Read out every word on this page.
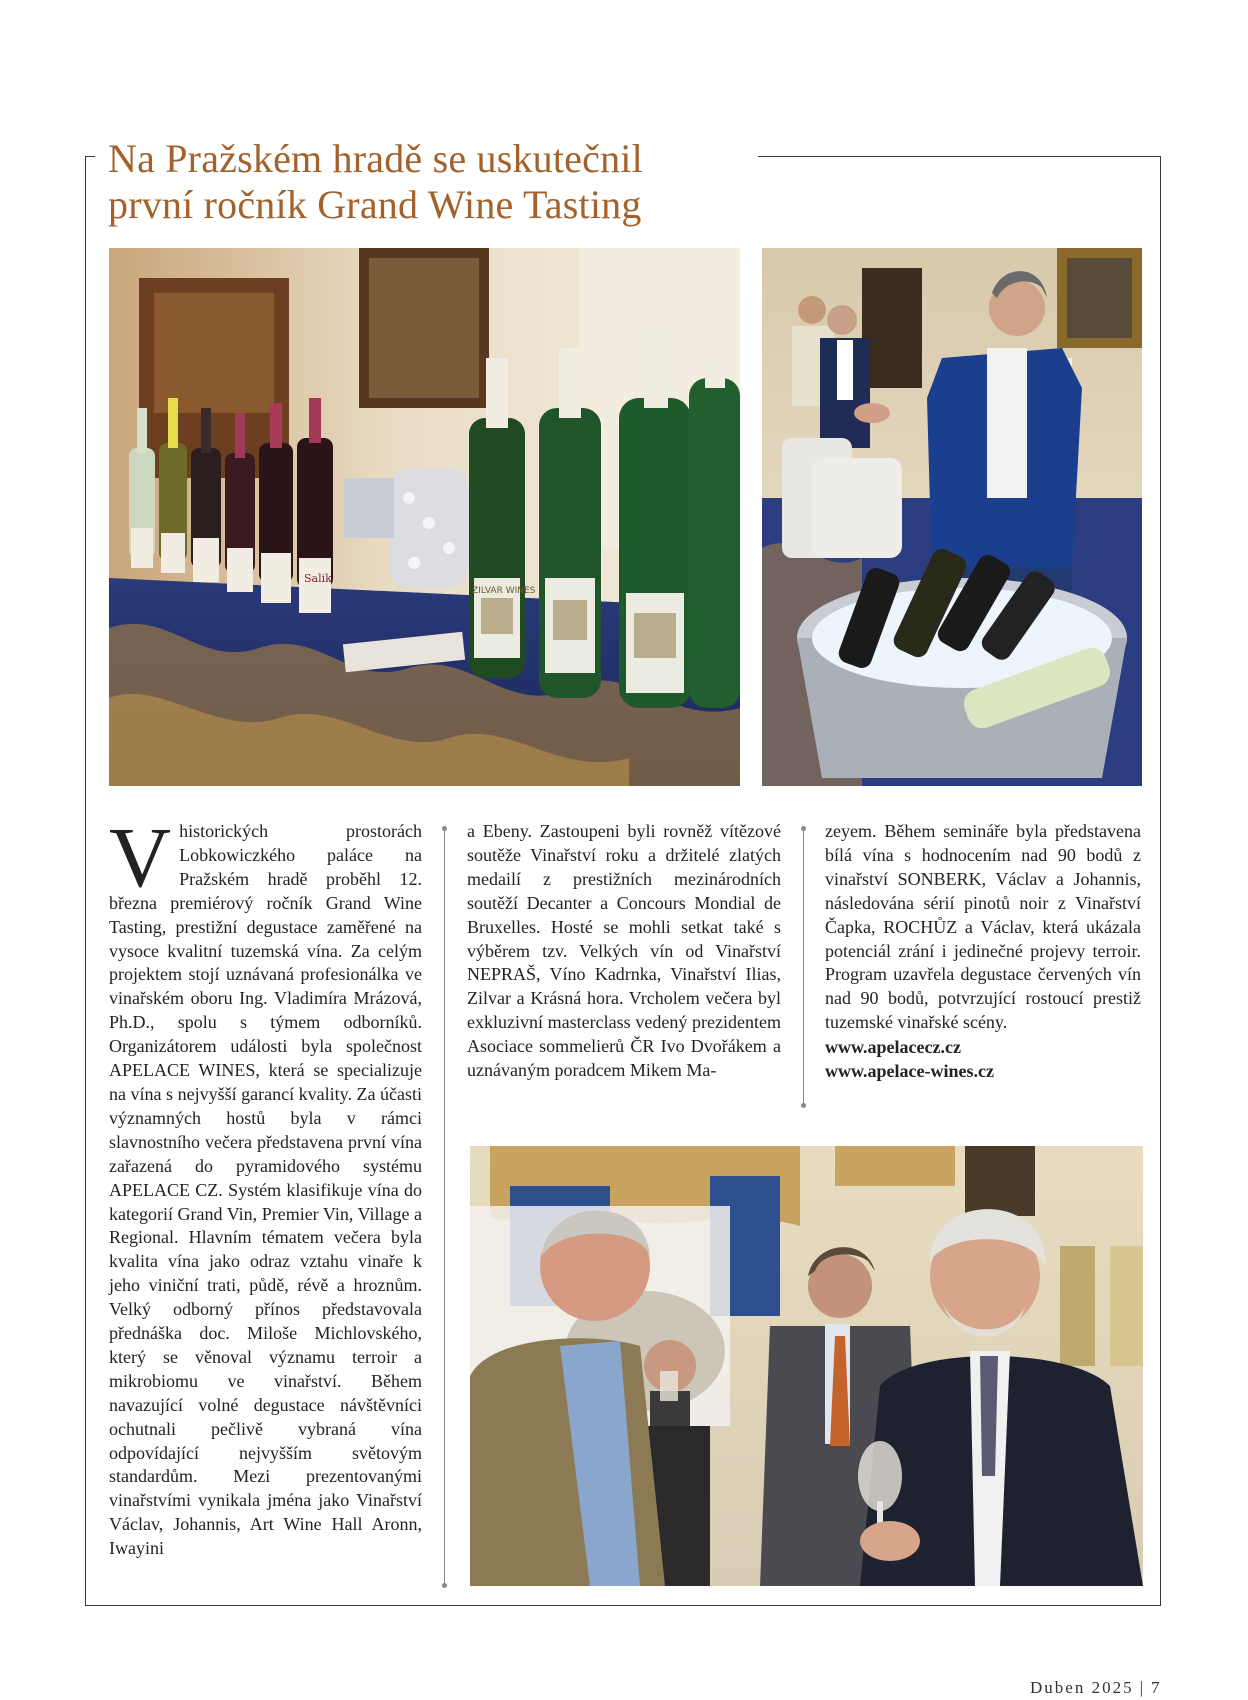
Na Pražském hradě se uskutečnil
první ročník Grand Wine Tasting
Salik
ZILVAR WINES
V historických prostorách Lobkowiczkého paláce na Pražském hradě proběhl 12. března premiérový ročník Grand Wine Tasting, prestižní degustace zaměřené na vysoce kvalitní tuzemská vína. Za celým projektem stojí uznávaná profesionálka ve vinařském oboru Ing. Vladimíra Mrázová, Ph.D., spolu s týmem odborníků. Organizátorem události byla společnost APELACE WINES, která se specializuje na vína s nejvyšší garancí kvality. Za účasti významných hostů byla v rámci slavnostního večera představena první vína zařazená do pyramidového systému APELACE CZ. Systém klasifikuje vína do kategorií Grand Vin, Premier Vin, Village a Regional. Hlavním tématem večera byla kvalita vína jako odraz vztahu vinaře k jeho viniční trati, půdě, révě a hroznům. Velký odborný přínos představovala přednáška doc. Miloše Michlovského, který se věnoval významu terroir a mikrobiomu ve vinařství. Během navazující volné degustace návštěvníci ochutnali pečlivě vybraná vína odpovídající nejvyšším světovým standardům. Mezi prezentovanými vinařstvími vynikala jména jako Vinařství Václav, Johannis, Art Wine Hall Aronn, Iwayini

a Ebeny. Zastoupeni byli rovněž vítězové soutěže Vinařství roku a držitelé zlatých medailí z prestižních mezinárodních soutěží Decanter a Concours Mondial de Bruxelles. Hosté se mohli setkat také s výběrem tzv. Velkých vín od Vinařství NEPRAŠ, Víno Kadrnka, Vinařství Ilias, Zilvar a Krásná hora. Vrcholem večera byl exkluzivní masterclass vedený prezidentem Asociace sommelierů ČR Ivo Dvořákem a uznávaným poradcem Mikem Ma-

zeyem. Během semináře byla představena bílá vína s hodnocením nad 90 bodů z vinařství SONBERK, Václav a Johannis, následována sérií pinotů noir z Vinařství Čapka, ROCHŮZ a Václav, která ukázala potenciál zrání i jedinečné projevy terroir. Program uzavřela degustace červených vín nad 90 bodů, potvrzující rostoucí prestiž tuzemské vinařské scény.

www.apelacecz.cz
www.apelace-wines.cz
Duben 2025 | 7
